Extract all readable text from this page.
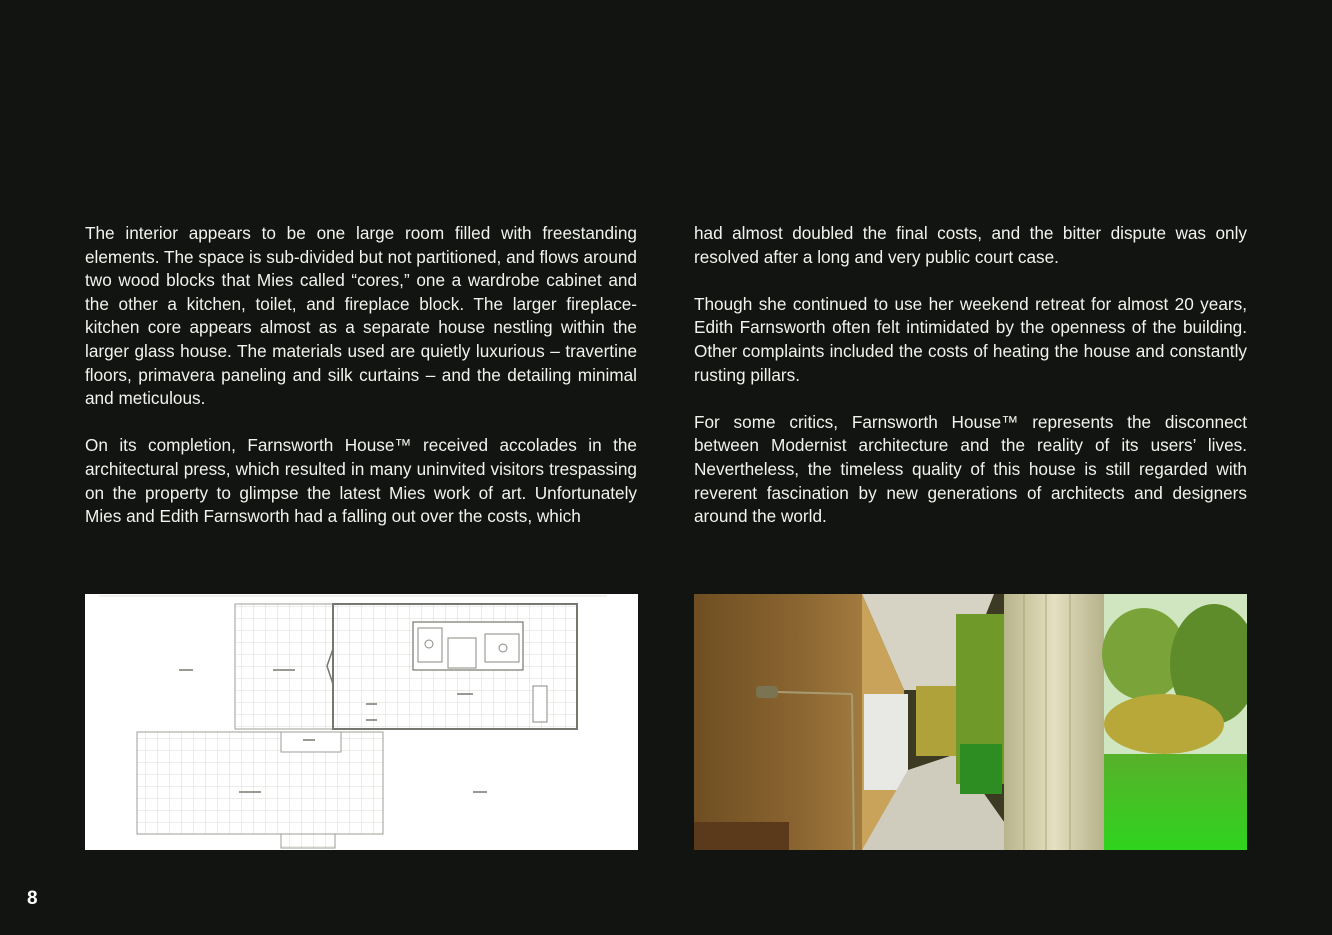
The interior appears to be one large room filled with freestanding elements. The space is sub-divided but not partitioned, and flows around two wood blocks that Mies called “cores,” one a wardrobe cabinet and the other a kitchen, toilet, and fireplace block. The larger fireplace-kitchen core appears almost as a separate house nestling within the larger glass house. The materials used are quietly luxurious – travertine floors, primavera paneling and silk curtains – and the detailing minimal and meticulous.

On its completion, Farnsworth House™ received accolades in the architectural press, which resulted in many uninvited visitors trespassing on the property to glimpse the latest Mies work of art. Unfortunately Mies and Edith Farnsworth had a falling out over the costs, which

had almost doubled the final costs, and the bitter dispute was only resolved after a long and very public court case.

Though she continued to use her weekend retreat for almost 20 years, Edith Farnsworth often felt intimidated by the openness of the building. Other complaints included the costs of heating the house and constantly rusting pillars.

For some critics, Farnsworth House™ represents the disconnect between Modernist architecture and the reality of its users’ lives. Nevertheless, the timeless quality of this house is still regarded with reverent fascination by new generations of architects and designers around the world.

8
